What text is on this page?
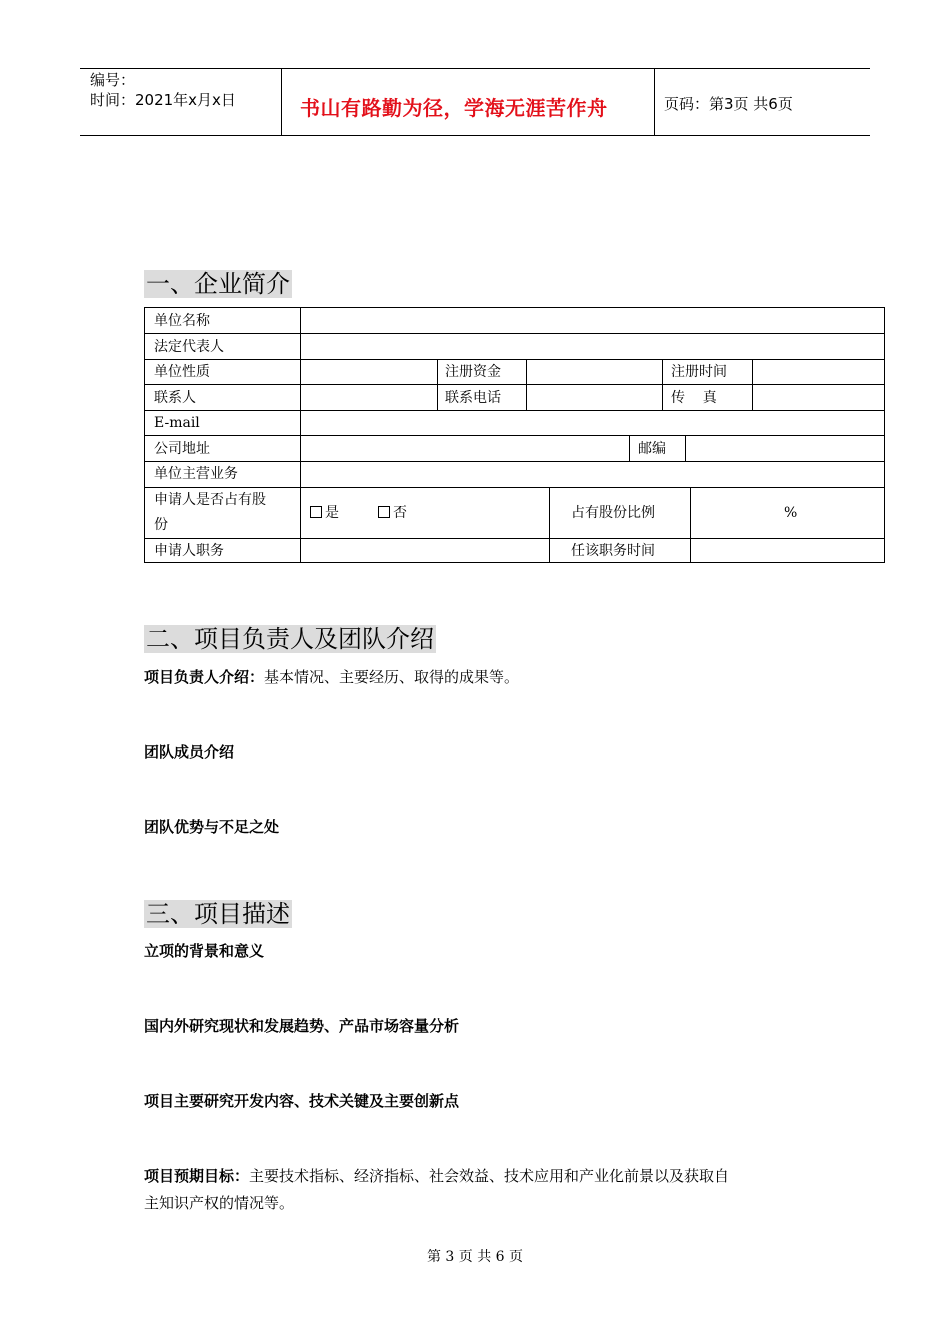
编号：
时间：2021年x月x日	书山有路勤为径，学海无涯苦作舟	页码：第3页 共6页
一、企业简介
单位名称
法定代表人
单位性质	注册资金	注册时间
联系人	联系电话	传    真
E-mail
公司地址	邮编
单位主营业务
申请人是否占有股
份
是	否	占有股份比例	%
申请人职务	任该职务时间
二、项目负责人及团队介绍
项目负责人介绍：基本情况、主要经历、取得的成果等。
团队成员介绍
团队优势与不足之处
三、项目描述
立项的背景和意义
国内外研究现状和发展趋势、产品市场容量分析
项目主要研究开发内容、技术关键及主要创新点
项目预期目标：主要技术指标、经济指标、社会效益、技术应用和产业化前景以及获取自
主知识产权的情况等。
第 3 页 共 6 页
